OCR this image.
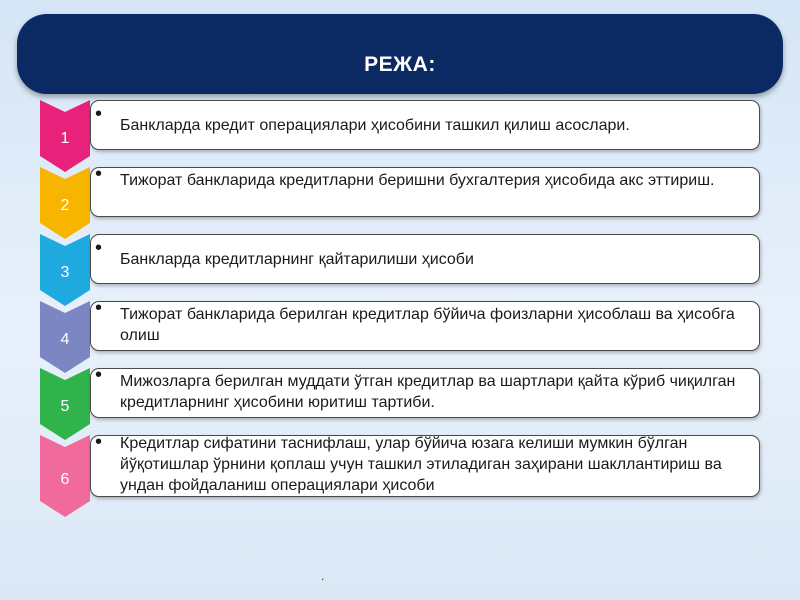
РЕЖА:
1
•
Банкларда кредит операциялари ҳисобини ташкил қилиш асослари.
2
• Тижорат банкларида кредитларни беришни бухгалтерия ҳисобида акс эттириш.
3
•
Банкларда кредитларнинг қайтарилиши ҳисоби
4
• Тижорат банкларида берилган кредитлар бўйича фоизларни ҳисоблаш ва ҳисобга олиш
5
• Мижозларга берилган муддати ўтган кредитлар ва шартлари қайта кўриб чиқилган кредитларнинг ҳисобини юритиш тартиби.
6
• Кредитлар сифатини таснифлаш, улар бўйича юзага келиши мумкин бўлган йўқотишлар ўрнини қоплаш учун ташкил этиладиган заҳирани шакллантириш ва ундан фойдаланиш операциялари ҳисоби
.
